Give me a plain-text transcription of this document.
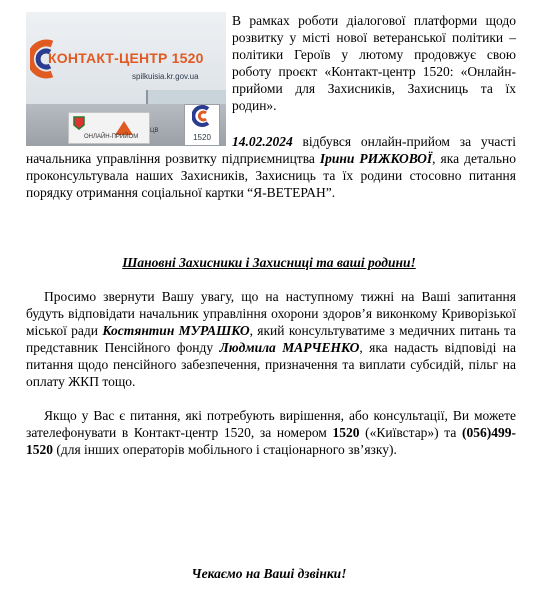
КОНТАКТ-ЦЕНТР 1520
spilkuisia.kr.gov.ua
ОНЛАЙН-ПРИЙОМ
ЦВ
1520
В рамках роботи діалогової платформи щодо розвитку у місті нової ветеранської політики – політики Героїв у лютому продовжує свою роботу проєкт «Контакт-центр 1520: «Онлайн-прийоми для Захисників, Захисниць та їх родин».
14.02.2024 відбувся онлайн-прийом за участі начальника управління розвитку підприємництва Ірини РИЖКОВОЇ, яка детально проконсультувала наших Захисників, Захисниць та їх родини стосовно питання порядку отримання соціальної картки “Я-ВЕТЕРАН”.
Шановні Захисники і Захисниці та ваші родини!
Просимо звернути Вашу увагу, що на наступному тижні на Ваші запитання будуть відповідати начальник управління охорони здоров’я виконкому Криворізької міської ради Костянтин МУРАШКО, який консультуватиме з медичних питань та представник Пенсійного фонду Людмила МАРЧЕНКО, яка надасть відповіді на питання щодо пенсійного забезпечення, призначення та виплати субсидій, пільг на оплату ЖКП тощо.
Якщо у Вас є питання, які потребують вирішення, або консультації, Ви можете зателефонувати в Контакт-центр 1520, за номером 1520 («Київстар») та (056)499-1520 (для інших операторів мобільного і стаціонарного зв’язку).
Чекаємо на Ваші дзвінки!
